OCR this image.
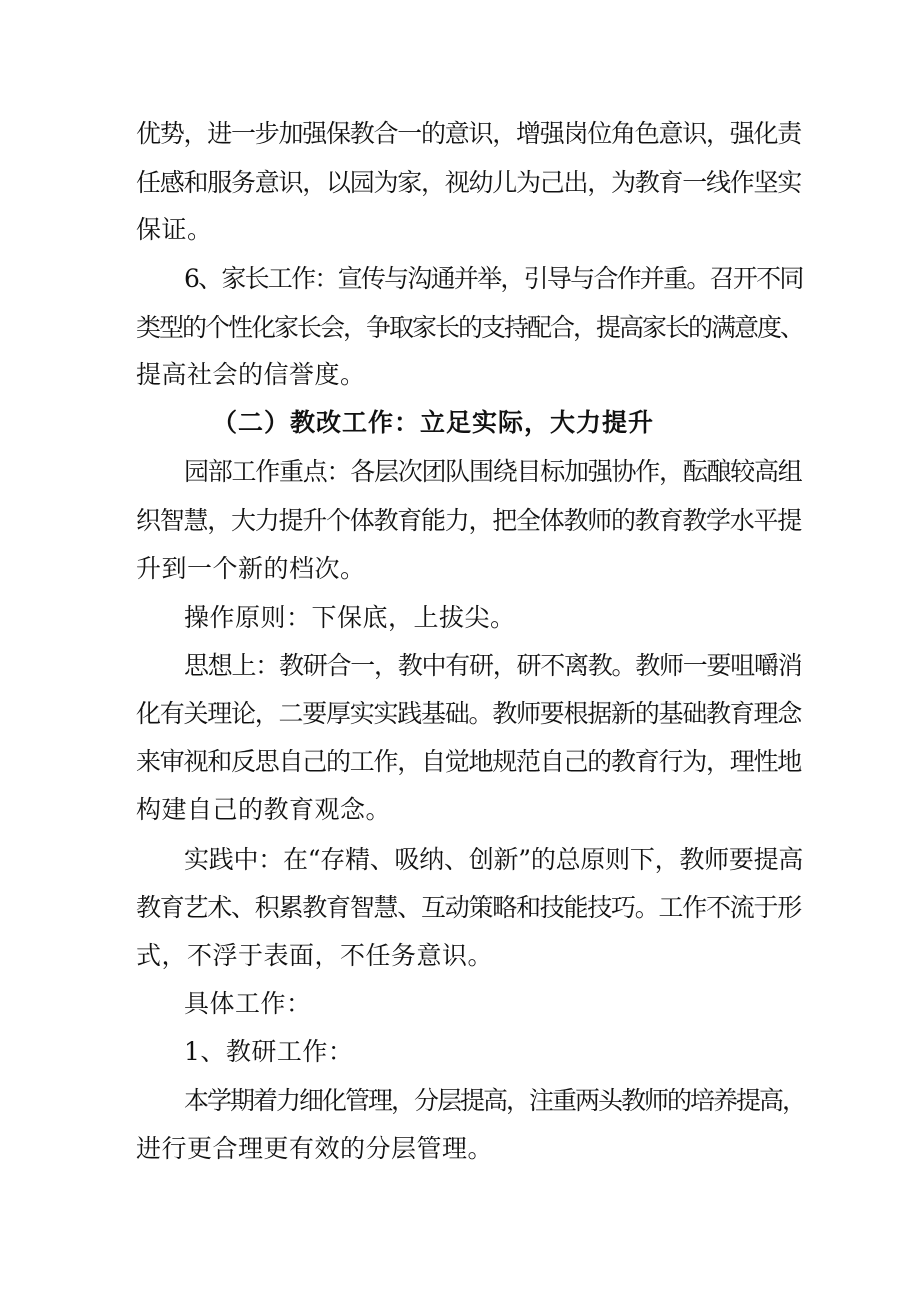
优势，进一步加强保教合一的意识，增强岗位角色意识，强化责
任感和服务意识，以园为家，视幼儿为己出，为教育一线作坚实
保证。
6、家长工作：宣传与沟通并举，引导与合作并重。召开不同
类型的个性化家长会，争取家长的支持配合，提高家长的满意度、
提高社会的信誉度。
（二）教改工作：立足实际，大力提升
园部工作重点：各层次团队围绕目标加强协作，酝酿较高组
织智慧，大力提升个体教育能力，把全体教师的教育教学水平提
升到一个新的档次。
操作原则：下保底，上拔尖。
思想上：教研合一，教中有研，研不离教。教师一要咀嚼消
化有关理论，二要厚实实践基础。教师要根据新的基础教育理念
来审视和反思自己的工作，自觉地规范自己的教育行为，理性地
构建自己的教育观念。
实践中：在“存精、吸纳、创新”的总原则下，教师要提高
教育艺术、积累教育智慧、互动策略和技能技巧。工作不流于形
式，不浮于表面，不任务意识。
具体工作：
1、教研工作：
本学期着力细化管理，分层提高，注重两头教师的培养提高，
进行更合理更有效的分层管理。
